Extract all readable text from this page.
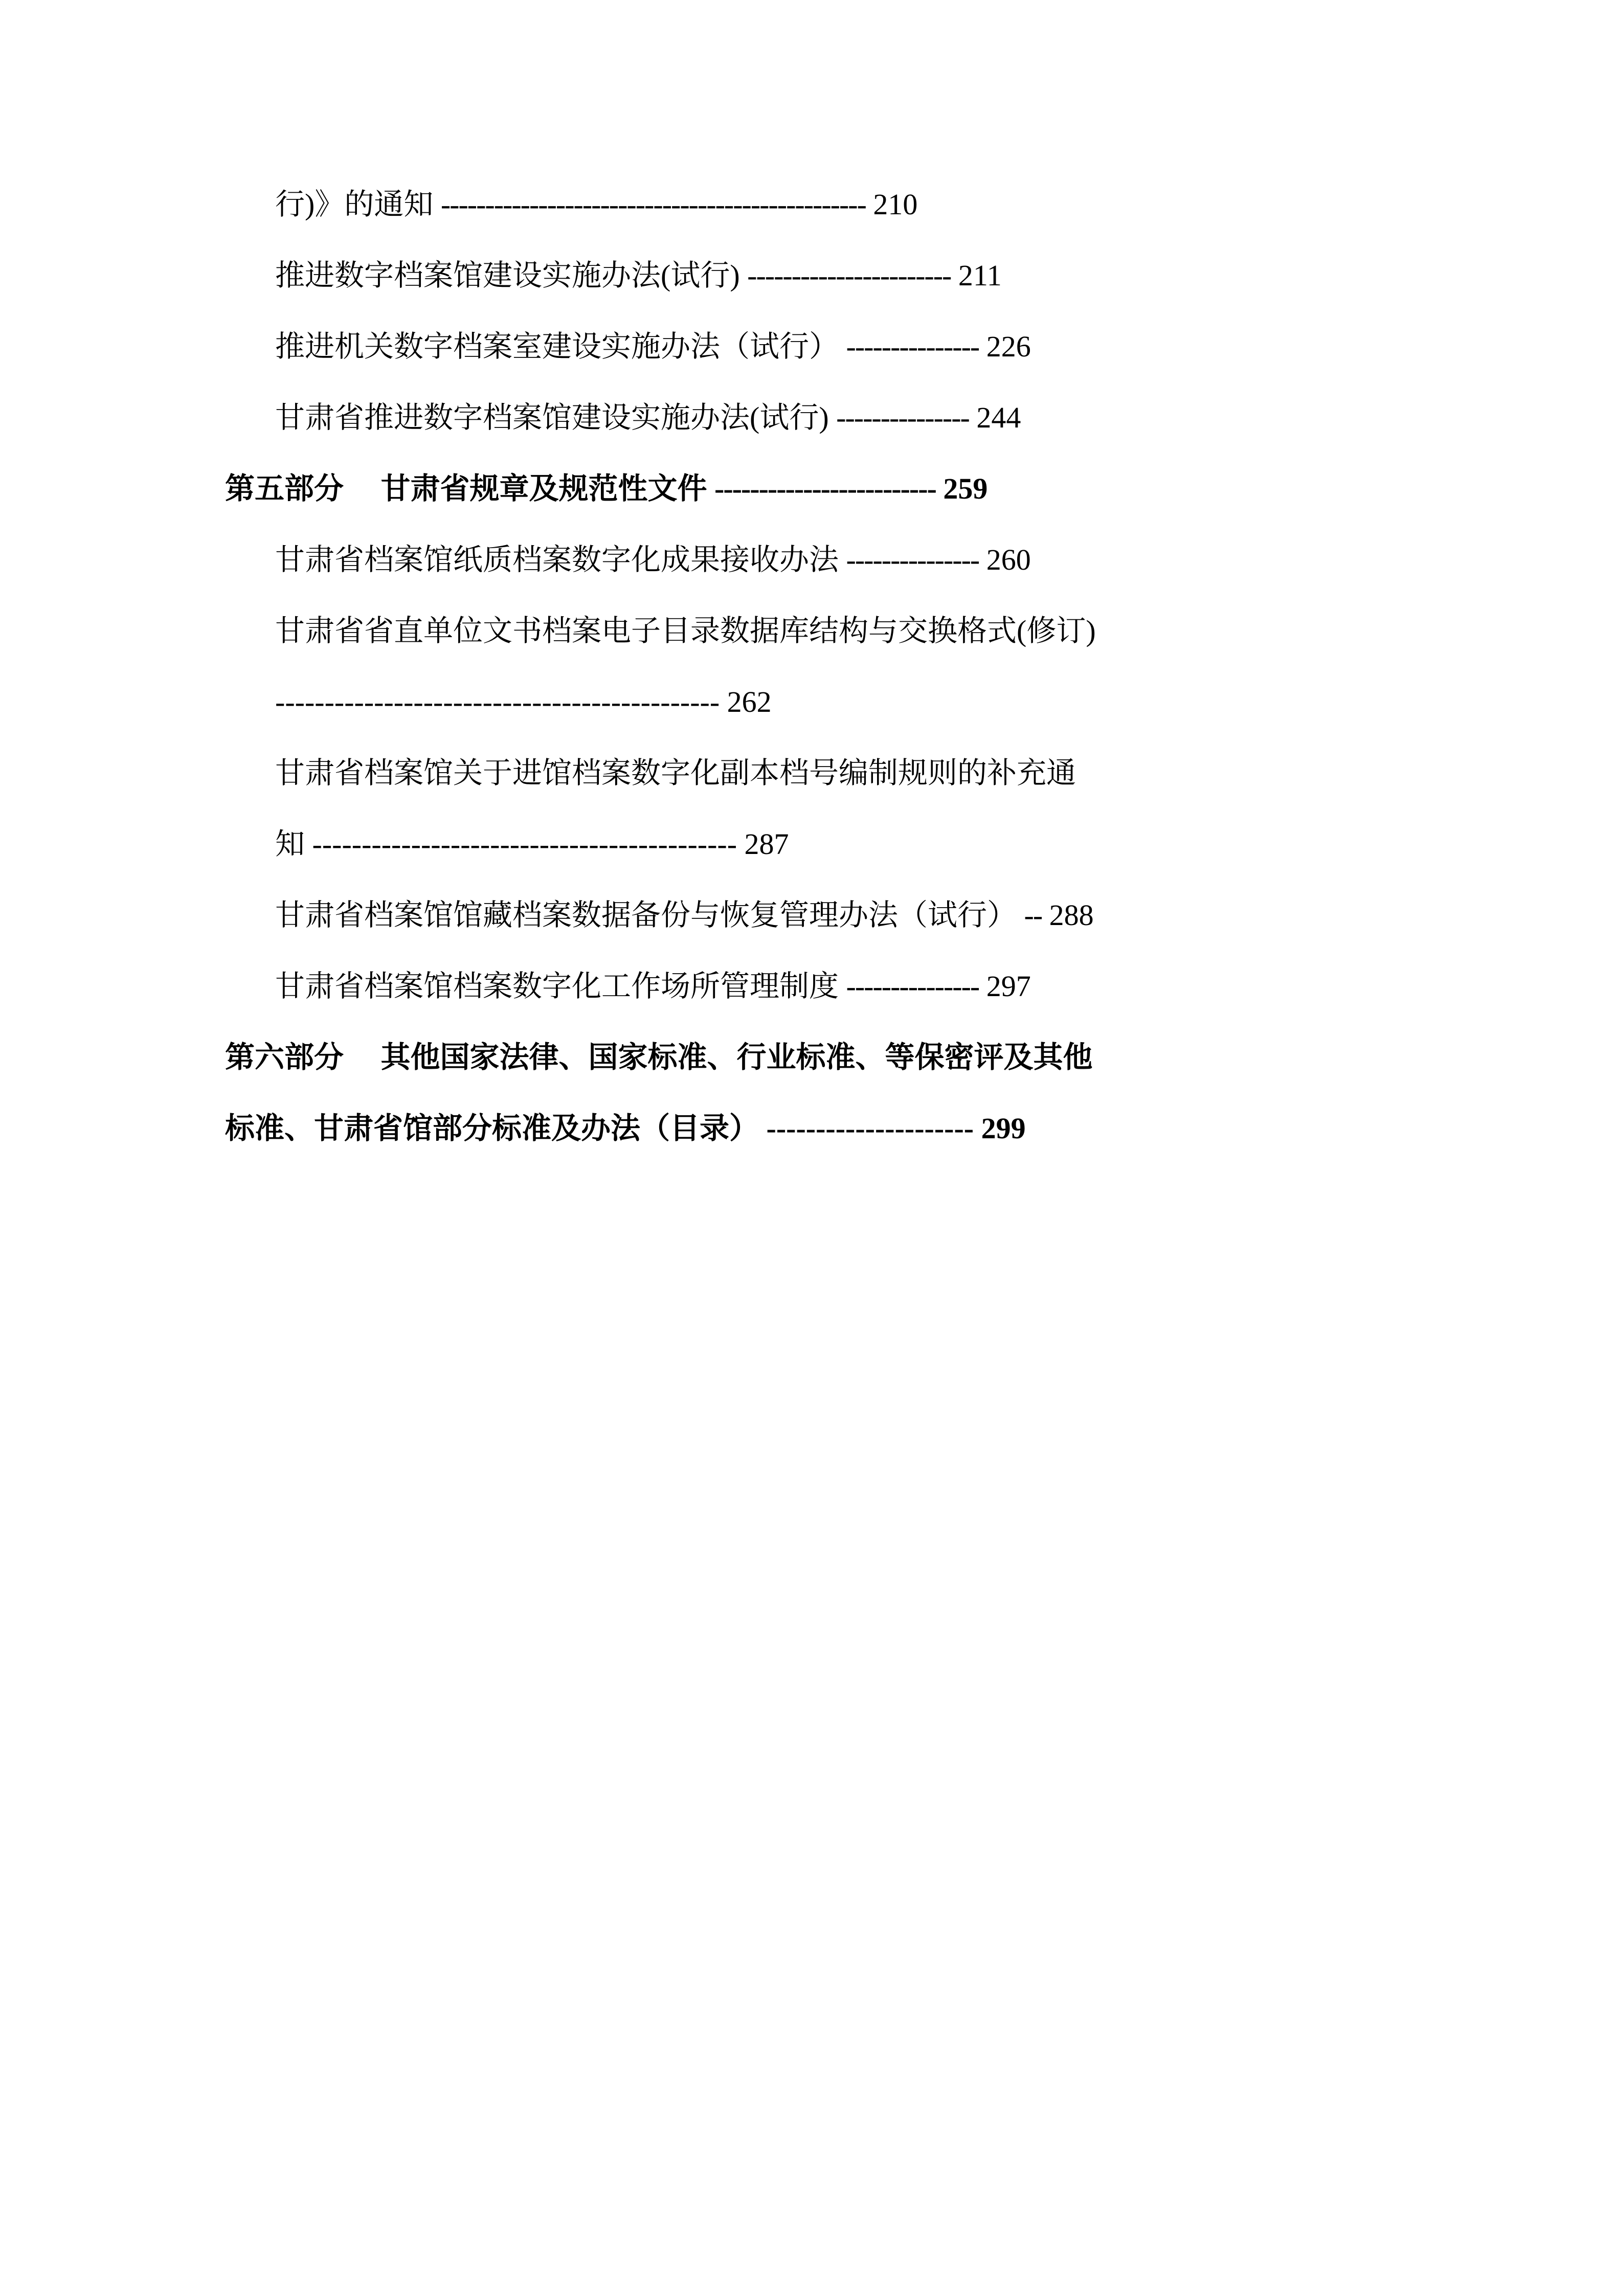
行)》的通知 ------------------------------------------------ 210
推进数字档案馆建设实施办法(试行) ----------------------- 211
推进机关数字档案室建设实施办法（试行） --------------- 226
甘肃省推进数字档案馆建设实施办法(试行) --------------- 244
第五部分　 甘肃省规章及规范性文件 ------------------------- 259
甘肃省档案馆纸质档案数字化成果接收办法 --------------- 260
甘肃省省直单位文书档案电子目录数据库结构与交换格式(修订)
--------------------------------------------- 262
甘肃省档案馆关于进馆档案数字化副本档号编制规则的补充通
知 ------------------------------------------- 287
甘肃省档案馆馆藏档案数据备份与恢复管理办法（试行） -- 288
甘肃省档案馆档案数字化工作场所管理制度 --------------- 297
第六部分　 其他国家法律、国家标准、行业标准、等保密评及其他
标准、甘肃省馆部分标准及办法（目录） --------------------- 299
